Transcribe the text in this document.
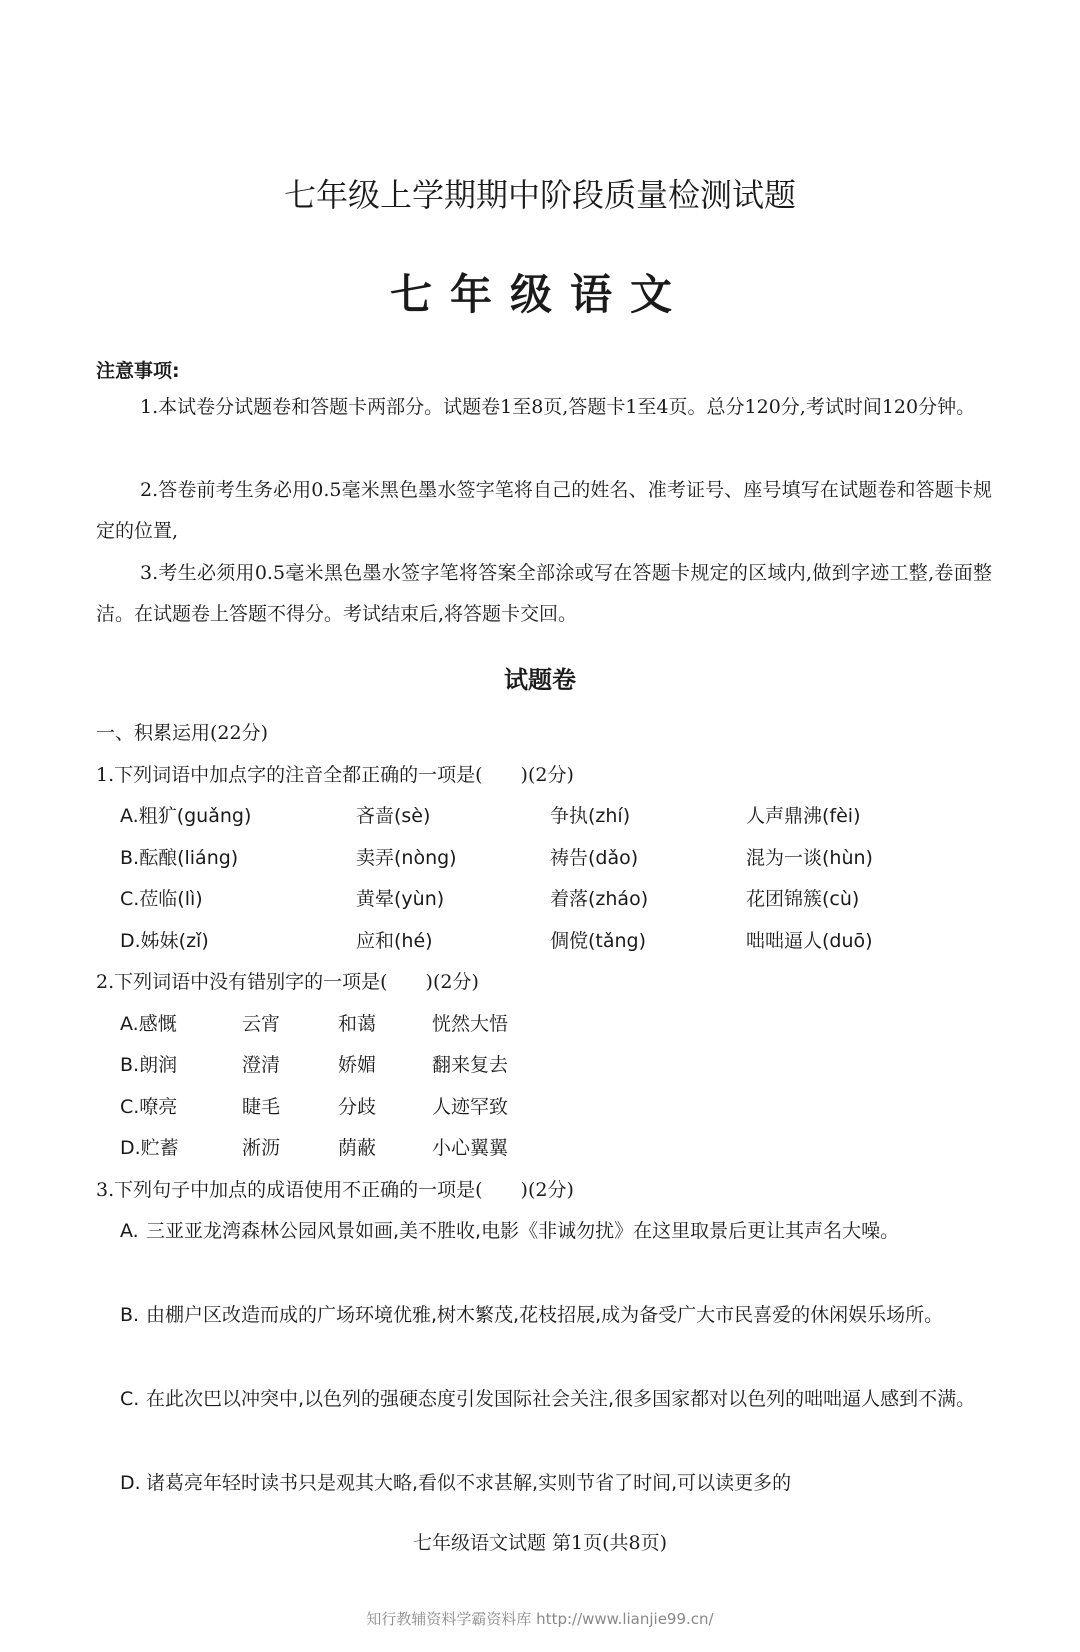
七年级上学期期中阶段质量检测试题
七年级语文
注意事项:
1.本试卷分试题卷和答题卡两部分。试题卷1至8页,答题卡1至4页。总分120分,考试时间120分钟。
2.答卷前考生务必用0.5毫米黑色墨水签字笔将自己的姓名、准考证号、座号填写在试题卷和答题卡规定的位置,
3.考生必须用0.5毫米黑色墨水签字笔将答案全部涂或写在答题卡规定的区域内,做到字迹工整,卷面整洁。在试题卷上答题不得分。考试结束后,将答题卡交回。
试题卷
一、积累运用(22分)
1.下列词语中加点字的注音全都正确的一项是(　　)(2分)
A.粗犷(guǎng)	吝啬(sè)	争执(zhí)	人声鼎沸(fèi)
B.酝酿(liáng)	卖弄(nòng)	祷告(dǎo)	混为一谈(hùn)
C.莅临(lì)	黄晕(yùn)	着落(zháo)	花团锦簇(cù)
D.姊妹(zǐ)	应和(hé)	倜傥(tǎng)	咄咄逼人(duō)
2.下列词语中没有错别字的一项是(　　)(2分)
A.感慨	云宵	和蔼	恍然大悟
B.朗润	澄清	娇媚	翻来复去
C.嘹亮	睫毛	分歧	人迹罕致
D.贮蓄	淅沥	荫蔽	小心翼翼
3.下列句子中加点的成语使用不正确的一项是(　　)(2分)
A. 三亚亚龙湾森林公园风景如画,美不胜收,电影《非诚勿扰》在这里取景后更让其声名大噪。
B. 由棚户区改造而成的广场环境优雅,树木繁茂,花枝招展,成为备受广大市民喜爱的休闲娱乐场所。
C. 在此次巴以冲突中,以色列的强硬态度引发国际社会关注,很多国家都对以色列的咄咄逼人感到不满。
D. 诸葛亮年轻时读书只是观其大略,看似不求甚解,实则节省了时间,可以读更多的
七年级语文试题 第1页(共8页)
知行教辅资料学霸资料库 http://www.lianjie99.cn/
